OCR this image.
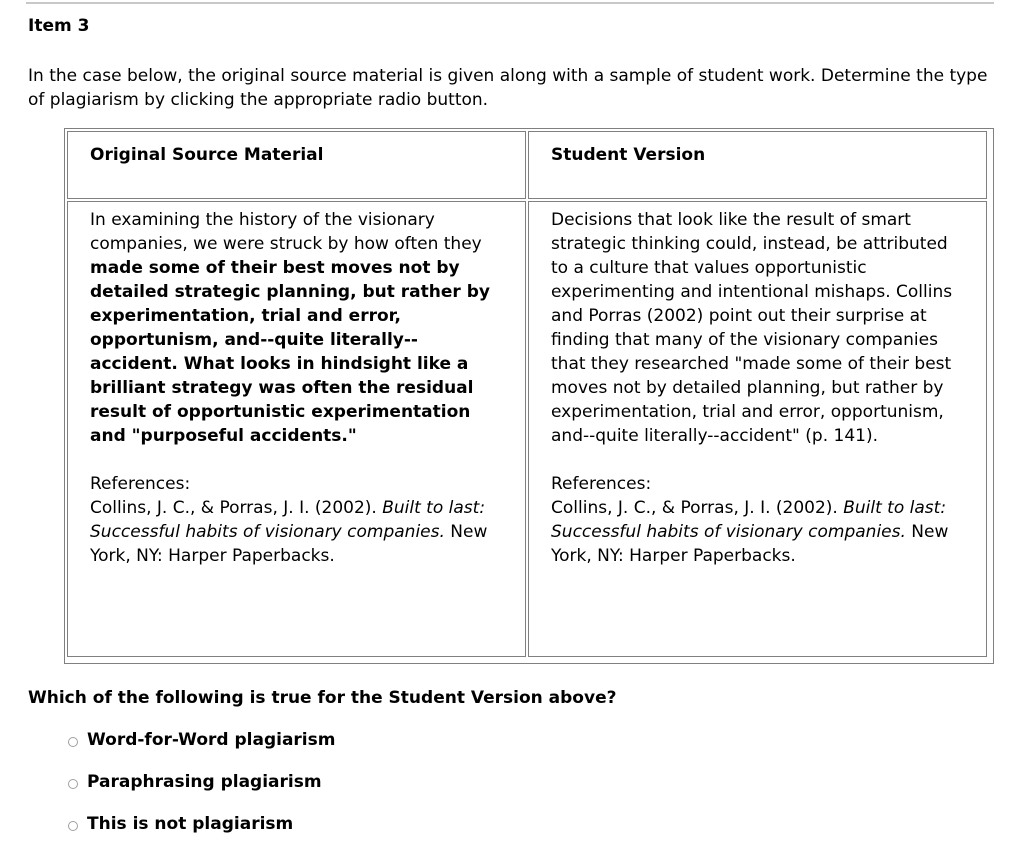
Item 3
In the case below, the original source material is given along with a sample of student work. Determine the type of plagiarism by clicking the appropriate radio button.
Original Source Material	Student Version
In examining the history of the visionary companies, we were struck by how often they made some of their best moves not by detailed strategic planning, but rather by experimentation, trial and error, opportunism, and--quite literally--accident. What looks in hindsight like a brilliant strategy was often the residual result of opportunistic experimentation and "purposeful accidents."
References:
Collins, J. C., & Porras, J. I. (2002). Built to last: Successful habits of visionary companies. New York, NY: Harper Paperbacks.
Decisions that look like the result of smart strategic thinking could, instead, be attributed to a culture that values opportunistic experimenting and intentional mishaps. Collins and Porras (2002) point out their surprise at finding that many of the visionary companies that they researched "made some of their best moves not by detailed planning, but rather by experimentation, trial and error, opportunism, and--quite literally--accident" (p. 141).
References:
Collins, J. C., & Porras, J. I. (2002). Built to last: Successful habits of visionary companies. New York, NY: Harper Paperbacks.
Which of the following is true for the Student Version above?
Word-for-Word plagiarism
Paraphrasing plagiarism
This is not plagiarism
